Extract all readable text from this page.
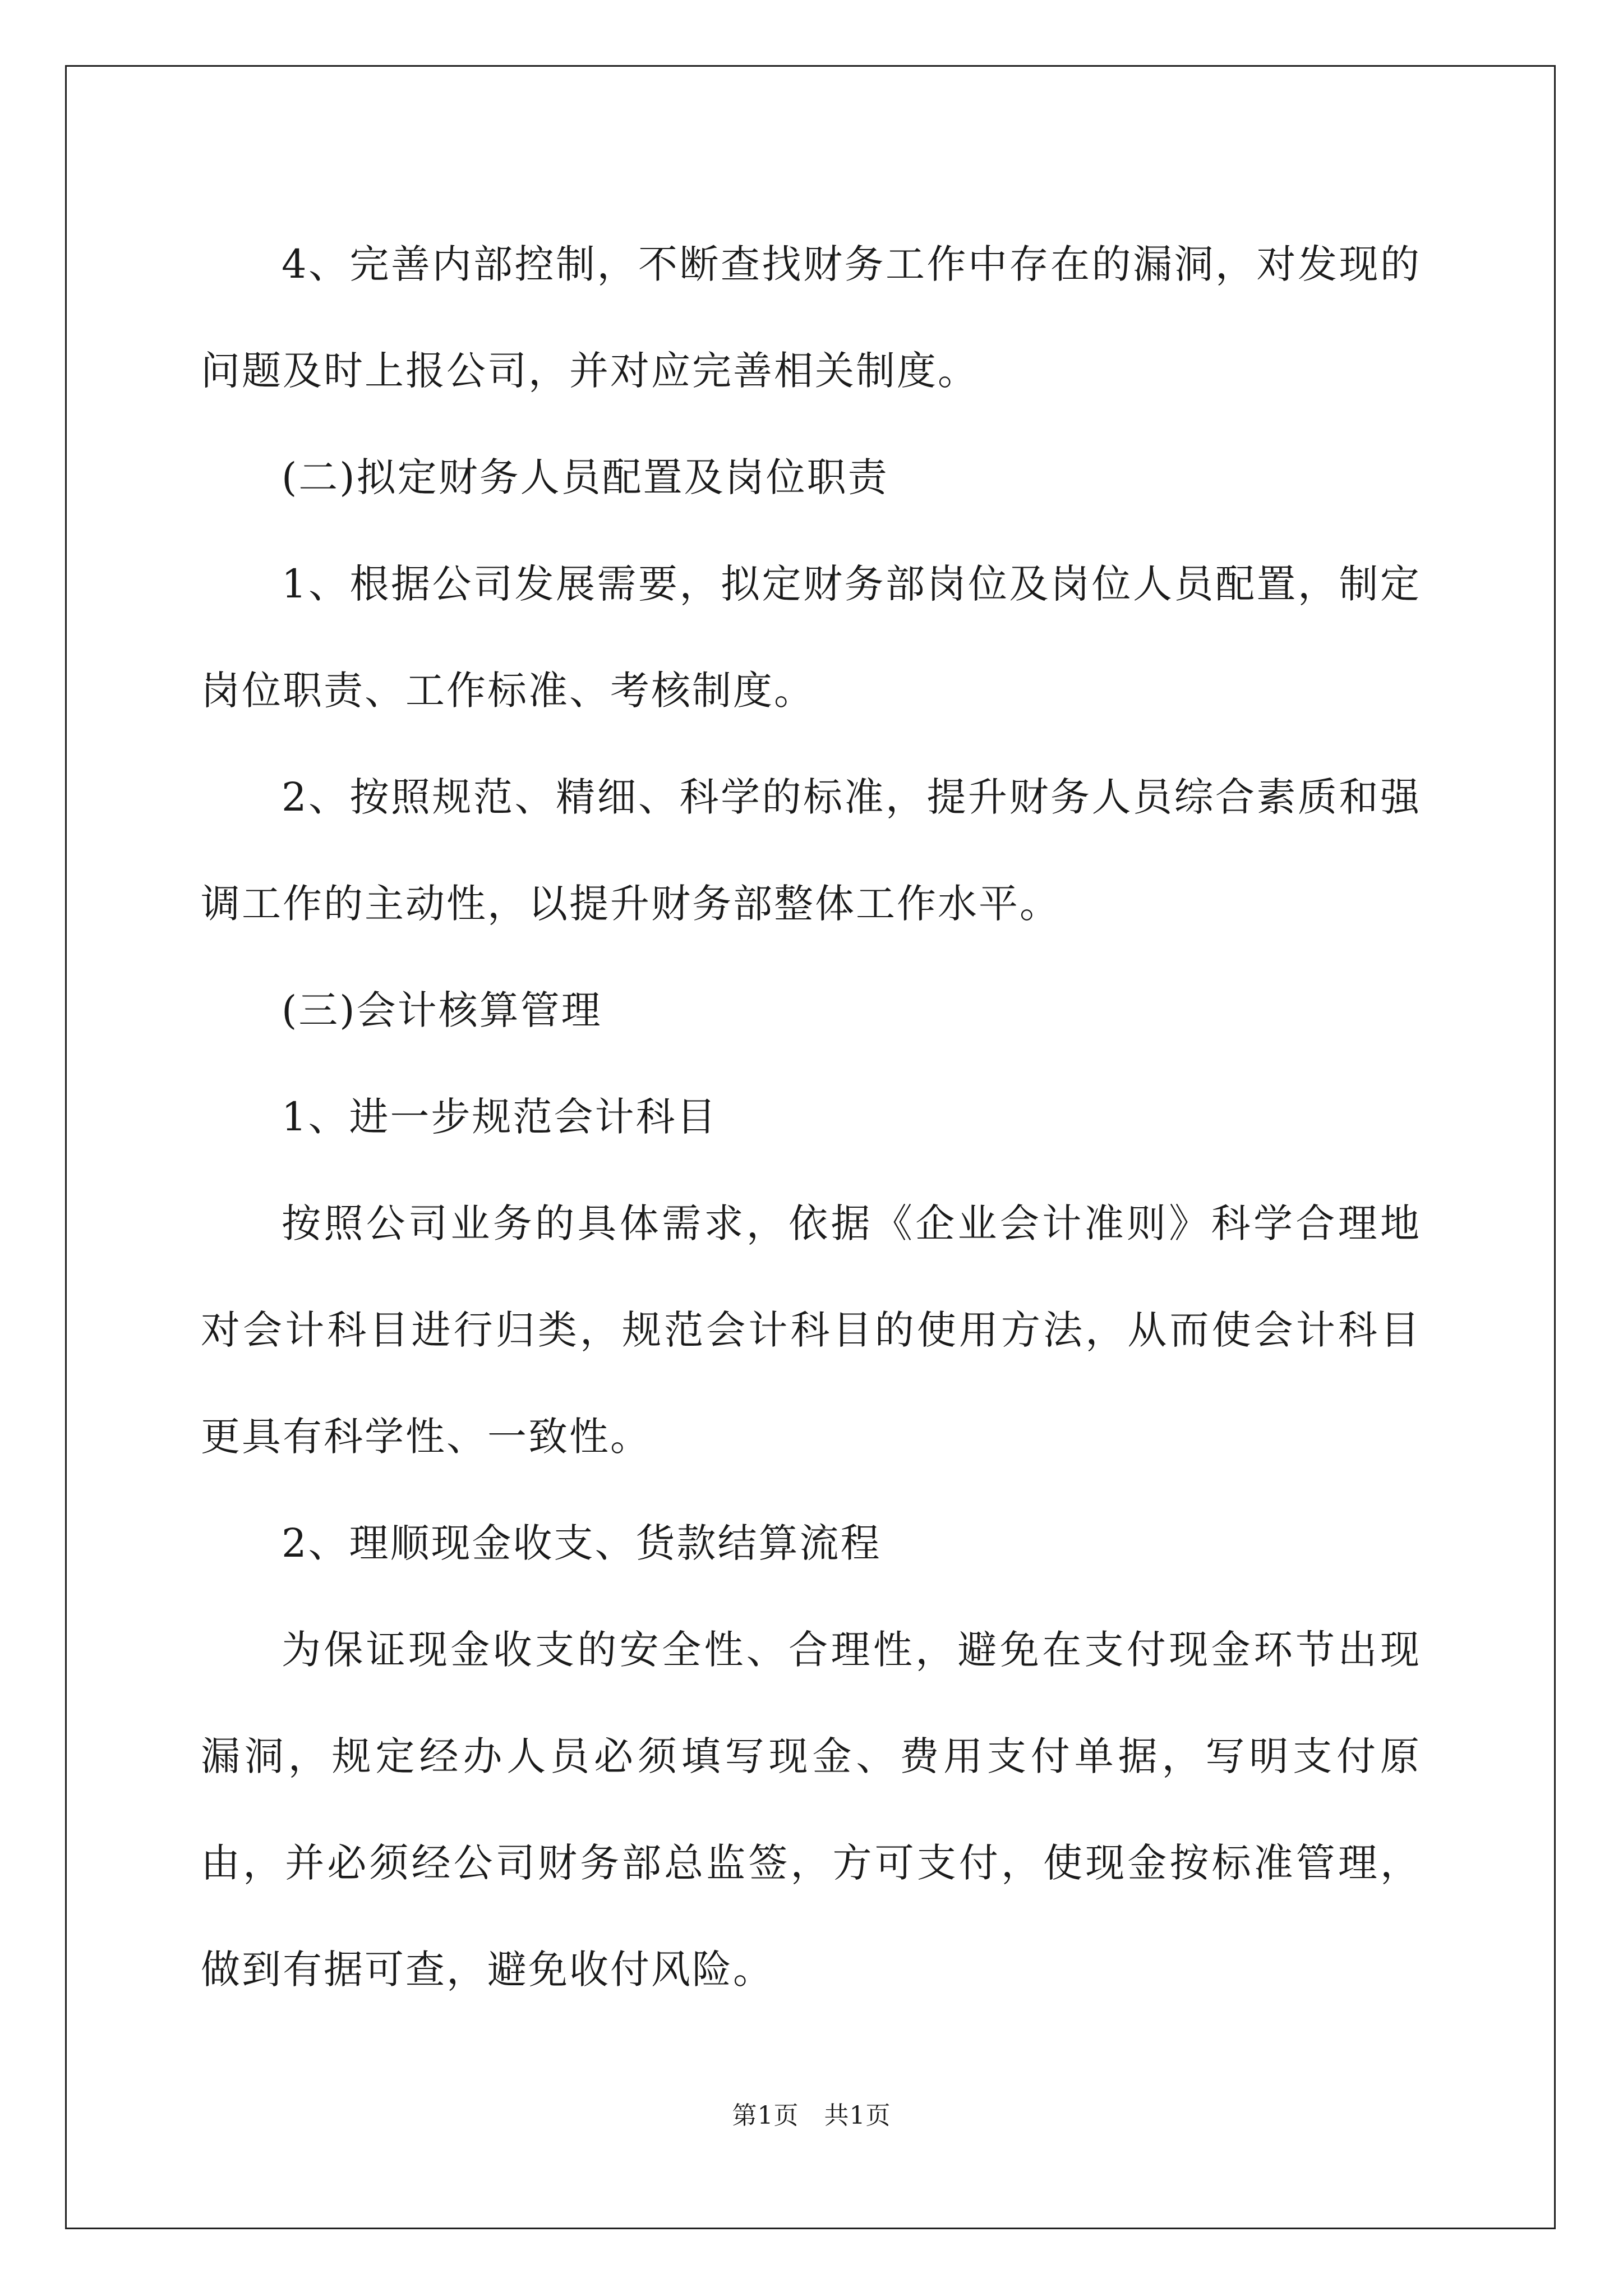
4、完善内部控制，不断查找财务工作中存在的漏洞，对发现的问题及时上报公司，并对应完善相关制度。

(二)拟定财务人员配置及岗位职责

1、根据公司发展需要，拟定财务部岗位及岗位人员配置，制定岗位职责、工作标准、考核制度。

2、按照规范、精细、科学的标准，提升财务人员综合素质和强调工作的主动性，以提升财务部整体工作水平。

(三)会计核算管理

1、进一步规范会计科目

按照公司业务的具体需求，依据《企业会计准则》科学合理地对会计科目进行归类，规范会计科目的使用方法，从而使会计科目更具有科学性、一致性。

2、理顺现金收支、货款结算流程

为保证现金收支的安全性、合理性，避免在支付现金环节出现漏洞，规定经办人员必须填写现金、费用支付单据，写明支付原由，并必须经公司财务部总监签，方可支付，使现金按标准管理，做到有据可查，避免收付风险。

第1页 共1页
